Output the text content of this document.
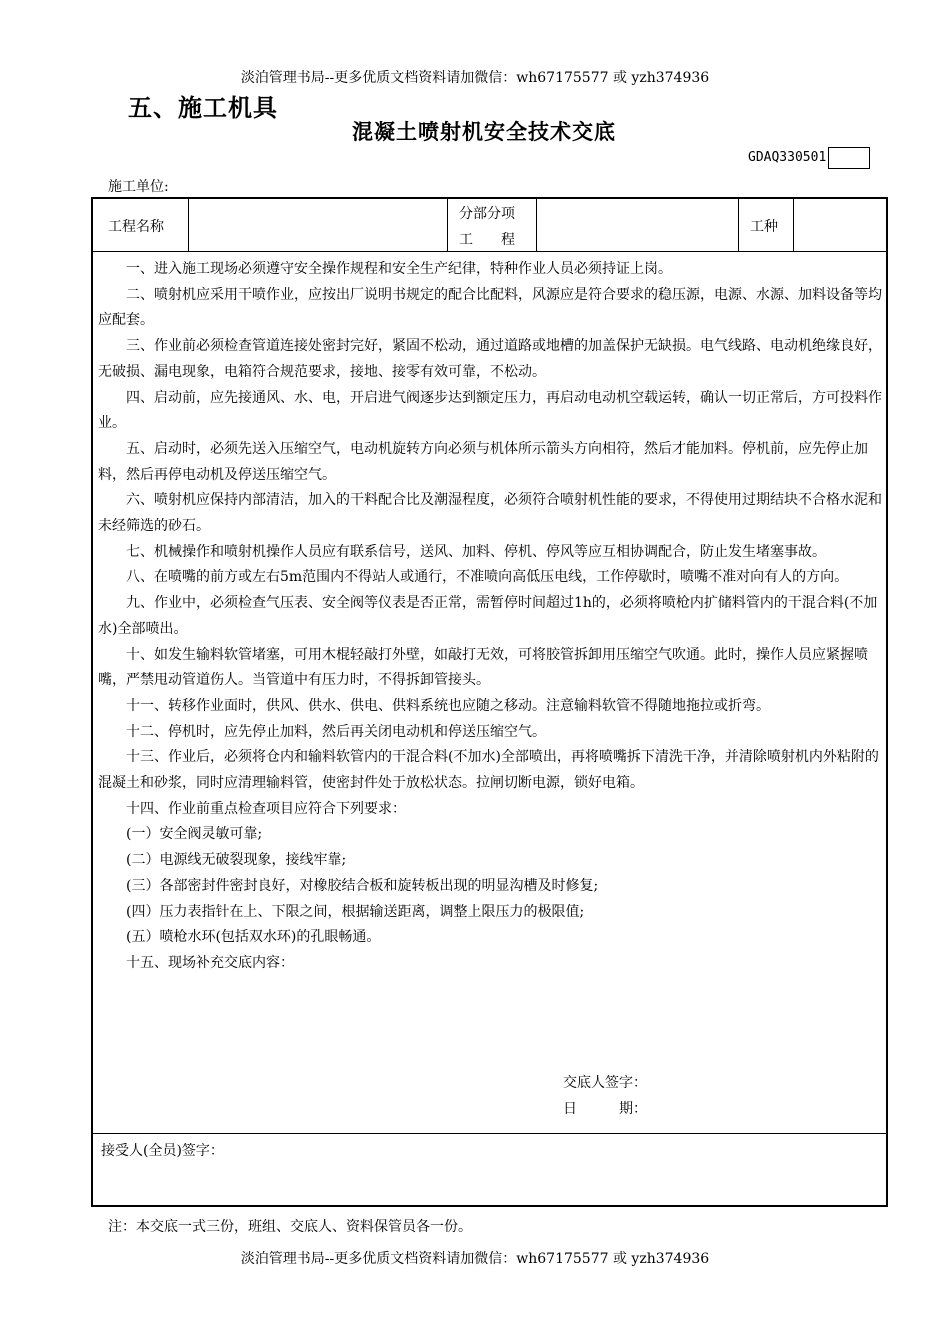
淡泊管理书局--更多优质文档资料请加微信：wh67175577 或 yzh374936
五、施工机具
混凝土喷射机安全技术交底
GDAQ330501
施工单位:
工程名称
分部分项
工　　程
工种

一、进入施工现场必须遵守安全操作规程和安全生产纪律，特种作业人员必须持证上岗。

二、喷射机应采用干喷作业，应按出厂说明书规定的配合比配料，风源应是符合要求的稳压源，电源、水源、加料设备等均应配套。

三、作业前必须检查管道连接处密封完好，紧固不松动，通过道路或地槽的加盖保护无缺损。电气线路、电动机绝缘良好，无破损、漏电现象，电箱符合规范要求，接地、接零有效可靠，不松动。

四、启动前，应先接通风、水、电，开启进气阀逐步达到额定压力，再启动电动机空载运转，确认一切正常后，方可投料作业。

五、启动时，必须先送入压缩空气，电动机旋转方向必须与机体所示箭头方向相符，然后才能加料。停机前，应先停止加料，然后再停电动机及停送压缩空气。

六、喷射机应保持内部清洁，加入的干料配合比及潮湿程度，必须符合喷射机性能的要求，不得使用过期结块不合格水泥和未经筛选的砂石。

七、机械操作和喷射机操作人员应有联系信号，送风、加料、停机、停风等应互相协调配合，防止发生堵塞事故。

八、在喷嘴的前方或左右5m范围内不得站人或通行，不准喷向高低压电线，工作停歇时，喷嘴不准对向有人的方向。

九、作业中，必须检查气压表、安全阀等仪表是否正常，需暂停时间超过1h的，必须将喷枪内扩储料管内的干混合料(不加水)全部喷出。

十、如发生输料软管堵塞，可用木棍轻敲打外壁，如敲打无效，可将胶管拆卸用压缩空气吹通。此时，操作人员应紧握喷嘴，严禁甩动管道伤人。当管道中有压力时，不得拆卸管接头。

十一、转移作业面时，供风、供水、供电、供料系统也应随之移动。注意输料软管不得随地拖拉或折弯。

十二、停机时，应先停止加料，然后再关闭电动机和停送压缩空气。

十三、作业后，必须将仓内和输料软管内的干混合料(不加水)全部喷出，再将喷嘴拆下清洗干净，并清除喷射机内外粘附的混凝土和砂浆，同时应清理输料管，使密封件处于放松状态。拉闸切断电源，锁好电箱。

十四、作业前重点检查项目应符合下列要求：

(一）安全阀灵敏可靠;

(二）电源线无破裂现象，接线牢靠;

(三）各部密封件密封良好，对橡胶结合板和旋转板出现的明显沟槽及时修复;

(四）压力表指针在上、下限之间，根据输送距离，调整上限压力的极限值;

(五）喷枪水环(包括双水环)的孔眼畅通。

十五、现场补充交底内容：

交底人签字：
日　　　期：
接受人(全员)签字：
注：本交底一式三份，班组、交底人、资料保管员各一份。
淡泊管理书局--更多优质文档资料请加微信：wh67175577 或 yzh374936
